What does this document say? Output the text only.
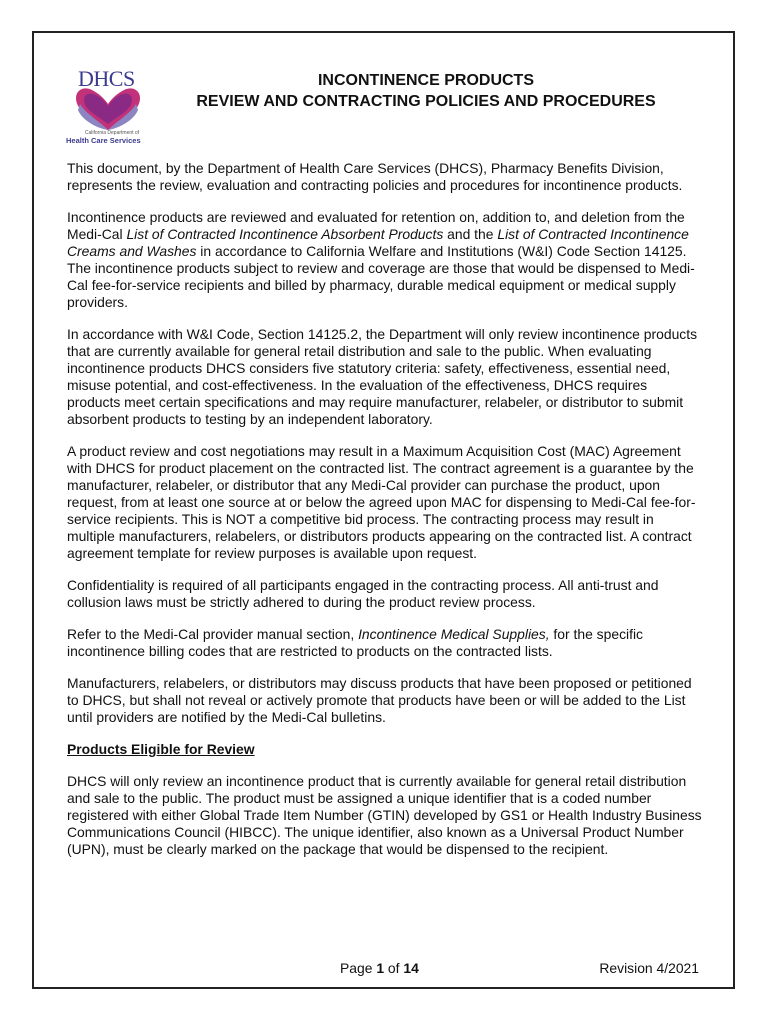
DHCS
California Department of
Health Care Services
INCONTINENCE PRODUCTS
REVIEW AND CONTRACTING POLICIES AND PROCEDURES

This document, by the Department of Health Care Services (DHCS), Pharmacy Benefits Division, represents the review, evaluation and contracting policies and procedures for incontinence products.

Incontinence products are reviewed and evaluated for retention on, addition to, and deletion from the Medi-Cal List of Contracted Incontinence Absorbent Products and the List of Contracted Incontinence Creams and Washes in accordance to California Welfare and Institutions (W&I) Code Section 14125. The incontinence products subject to review and coverage are those that would be dispensed to Medi-Cal fee-for-service recipients and billed by pharmacy, durable medical equipment or medical supply providers.

In accordance with W&I Code, Section 14125.2, the Department will only review incontinence products that are currently available for general retail distribution and sale to the public. When evaluating incontinence products DHCS considers five statutory criteria: safety, effectiveness, essential need, misuse potential, and cost-effectiveness. In the evaluation of the effectiveness, DHCS requires products meet certain specifications and may require manufacturer, relabeler, or distributor to submit absorbent products to testing by an independent laboratory.

A product review and cost negotiations may result in a Maximum Acquisition Cost (MAC) Agreement with DHCS for product placement on the contracted list. The contract agreement is a guarantee by the manufacturer, relabeler, or distributor that any Medi-Cal provider can purchase the product, upon request, from at least one source at or below the agreed upon MAC for dispensing to Medi-Cal fee-for-service recipients. This is NOT a competitive bid process. The contracting process may result in multiple manufacturers, relabelers, or distributors products appearing on the contracted list. A contract agreement template for review purposes is available upon request.

Confidentiality is required of all participants engaged in the contracting process. All anti-trust and collusion laws must be strictly adhered to during the product review process.

Refer to the Medi-Cal provider manual section, Incontinence Medical Supplies, for the specific incontinence billing codes that are restricted to products on the contracted lists.

Manufacturers, relabelers, or distributors may discuss products that have been proposed or petitioned to DHCS, but shall not reveal or actively promote that products have been or will be added to the List until providers are notified by the Medi-Cal bulletins.

Products Eligible for Review

DHCS will only review an incontinence product that is currently available for general retail distribution and sale to the public. The product must be assigned a unique identifier that is a coded number registered with either Global Trade Item Number (GTIN) developed by GS1 or Health Industry Business Communications Council (HIBCC). The unique identifier, also known as a Universal Product Number (UPN), must be clearly marked on the package that would be dispensed to the recipient.

Page 1 of 14	Revision 4/2021
